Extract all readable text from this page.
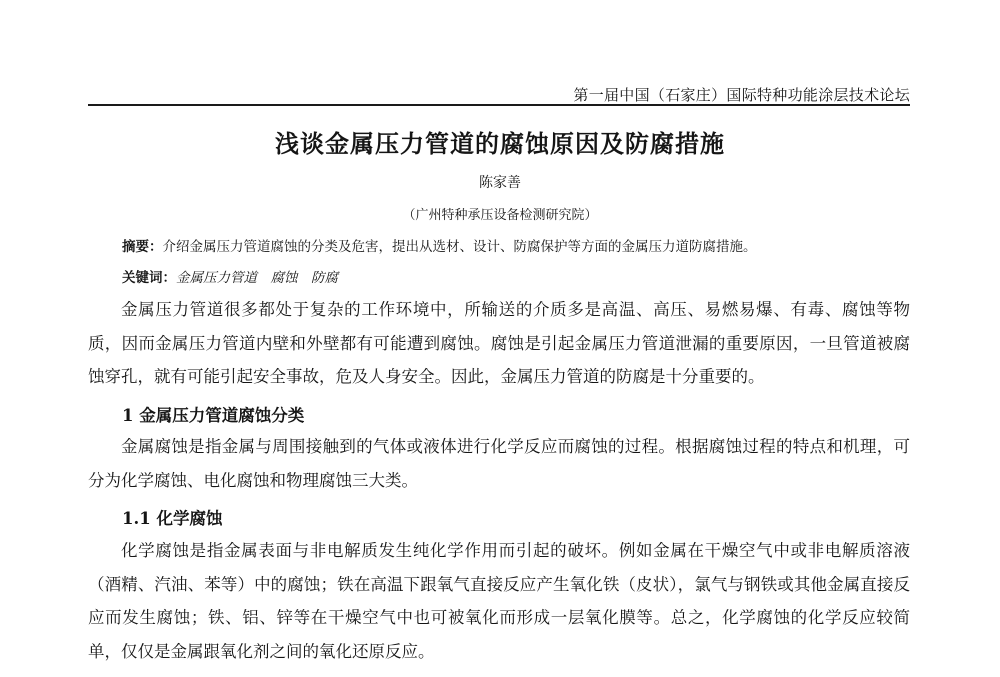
第一届中国（石家庄）国际特种功能涂层技术论坛
浅谈金属压力管道的腐蚀原因及防腐措施
陈家善
（广州特种承压设备检测研究院）
摘要：介绍金属压力管道腐蚀的分类及危害，提出从选材、设计、防腐保护等方面的金属压力道防腐措施。
关键词：金属压力管道　腐蚀　防腐

金属压力管道很多都处于复杂的工作环境中，所输送的介质多是高温、高压、易燃易爆、有毒、腐蚀等物质，因而金属压力管道内壁和外壁都有可能遭到腐蚀。腐蚀是引起金属压力管道泄漏的重要原因，一旦管道被腐蚀穿孔，就有可能引起安全事故，危及人身安全。因此，金属压力管道的防腐是十分重要的。

1 金属压力管道腐蚀分类

金属腐蚀是指金属与周围接触到的气体或液体进行化学反应而腐蚀的过程。根据腐蚀过程的特点和机理，可分为化学腐蚀、电化腐蚀和物理腐蚀三大类。

1.1 化学腐蚀

化学腐蚀是指金属表面与非电解质发生纯化学作用而引起的破坏。例如金属在干燥空气中或非电解质溶液　（酒精、汽油、苯等）中的腐蚀；铁在高温下跟氧气直接反应产生氧化铁（皮状），氯气与钢铁或其他金属直接反应而发生腐蚀；铁、铝、锌等在干燥空气中也可被氧化而形成一层氧化膜等。总之，化学腐蚀的化学反应较简单，仅仅是金属跟氧化剂之间的氧化还原反应。
